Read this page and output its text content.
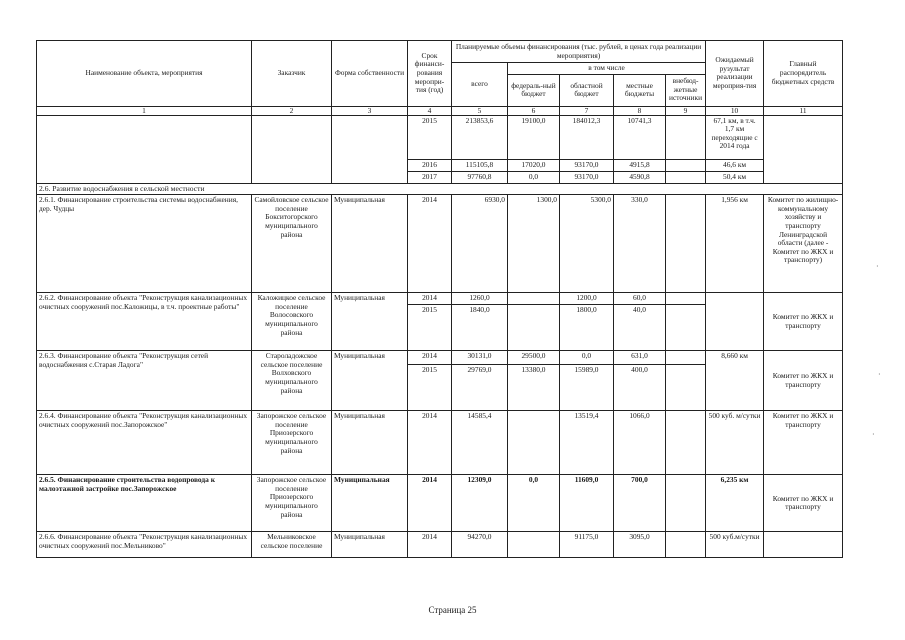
Наименование объекта, мероприятия	Заказчик	Форма собственности	Срок финанси-рования меропри-тия (год)	Планируемые объемы финансирования (тыс. рублей, в ценах года реализации мероприятия)					Ожидаемый рузультат реализации мероприя-тия	Главный распорядитель бюджетных средств
				всего	в том числе					
					федераль-ный бюджет	областной бюджет	местные бюджеты	внебюд-жетные источники		
1	2	3	4	5	6	7	8	9	10	11
			2015	213853,6	19100,0	184012,3	10741,3		67,1 км, в т.ч. 1,7 км переходящие с 2014 года	
			2016	115105,8	17020,0	93170,0	4915,8		46,6 км	
			2017	97760,8	0,0	93170,0	4590,8		50,4 км	
2.6. Развитие водоснабжения в сельской местности										
2.6.1. Финансирование строительства системы водоснабжения, дер. Чудцы	Самойловское сельское поселение Бокситогорского муниципального района	Муниципальная	2014	6930,0	1300,0	5300,0	330,0		1,956 км	Комитет по жилищно-коммунальному хозяйству и транспорту Ленинградской области (далее - Комитет по ЖКХ и транспорту)
2.6.2. Финансирование объекта "Реконструкция канализационных очистных сооружений пос.Каложицы, в т.ч. проектные работы"	Каложицкое сельское поселение Волосовского муниципального района	Муниципальная	2014	1260,0		1200,0	60,0			Комитет по ЖКХ и транспорту
			2015	1840,0		1800,0	40,0			
2.6.3. Финансирование объекта "Реконструкция сетей водоснабжения с.Старая Ладога"	Староладожское сельское поселение Волховского муниципального района	Муниципальная	2014	30131,0	29500,0	0,0	631,0		8,660 км	Комитет по ЖКХ и транспорту
			2015	29769,0	13380,0	15989,0	400,0			
2.6.4. Финансирование объекта "Реконструкция канализационных очистных сооружений пос.Запорожское"	Запорожское сельское поселение Приозерского муниципального района	Муниципальная	2014	14585,4		13519,4	1066,0		500 куб. м/сутки	Комитет по ЖКХ и транспорту
2.6.5. Финансирование строительства водопровода к малоэтажной застройке пос.Запорожское	Запорожское сельское поселение Приозерского муниципального района	Муниципальная	2014	12309,0	0,0	11609,0	700,0		6,235 км	Комитет по ЖКХ и транспорту
2.6.6. Финансирование объекта "Реконструкция канализационных очистных сооружений пос.Мельниково"	Мельниковское сельское поселение	Муниципальная	2014	94270,0		91175,0	3095,0		500 куб.м/сутки	
Страница 25
·
·
·
